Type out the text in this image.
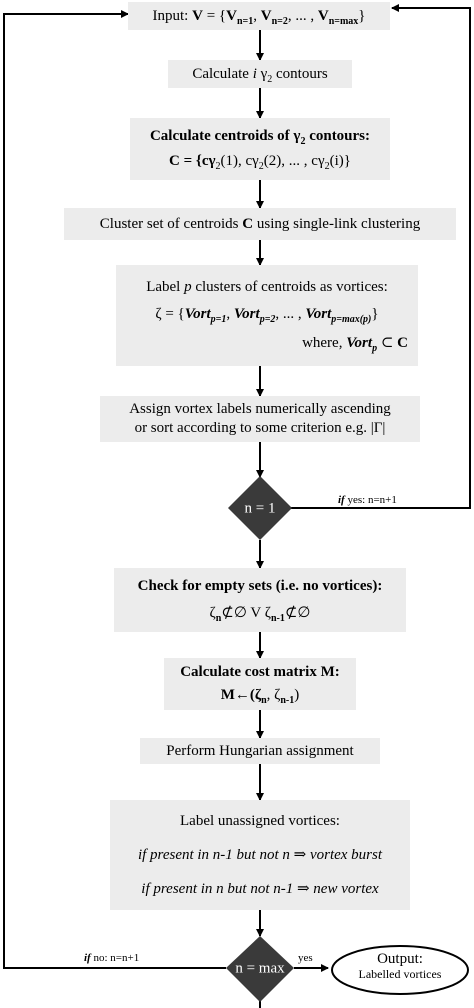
Input: $V = \{V_{n=1}$, $V_{n=2}$, ... , $V_{n=max}$}
Calculate i $\gamma_2$ contours
Calculate centroids of $\gamma_2$ contours:
$C = \{c\gamma_2(1)$, $c\gamma_2(2)$, ... , $c\gamma_2(i)$}
Cluster set of centroids C using single-link clustering
Label p clusters of centroids as vortices:
ζ = {Vort$_{p=1}$, Vort$_{p=2}$, ... , Vort$_{p=max(p)}$}
where, Vort$_p$ ⊂ C
Assign vortex labels numerically ascending
or sort according to some criterion e.g. |Γ|
n = 1
if yes: n=n+1
Check for empty sets (i.e. no vortices):
$\zeta_n⊄\emptyset$ V $\zeta_{n-1}⊄\emptyset$
Calculate cost matrix M:
$M\leftarrow(\zeta_n$, $\zeta_{n-1}$)
Perform Hungarian assignment
Label unassigned vortices:
if present in n-1 but not n ⇒ vortex burst
if present in n but not n-1 ⇒ new vortex
n = max
if no: n=n+1	yes	Output:
Labelled vortices
